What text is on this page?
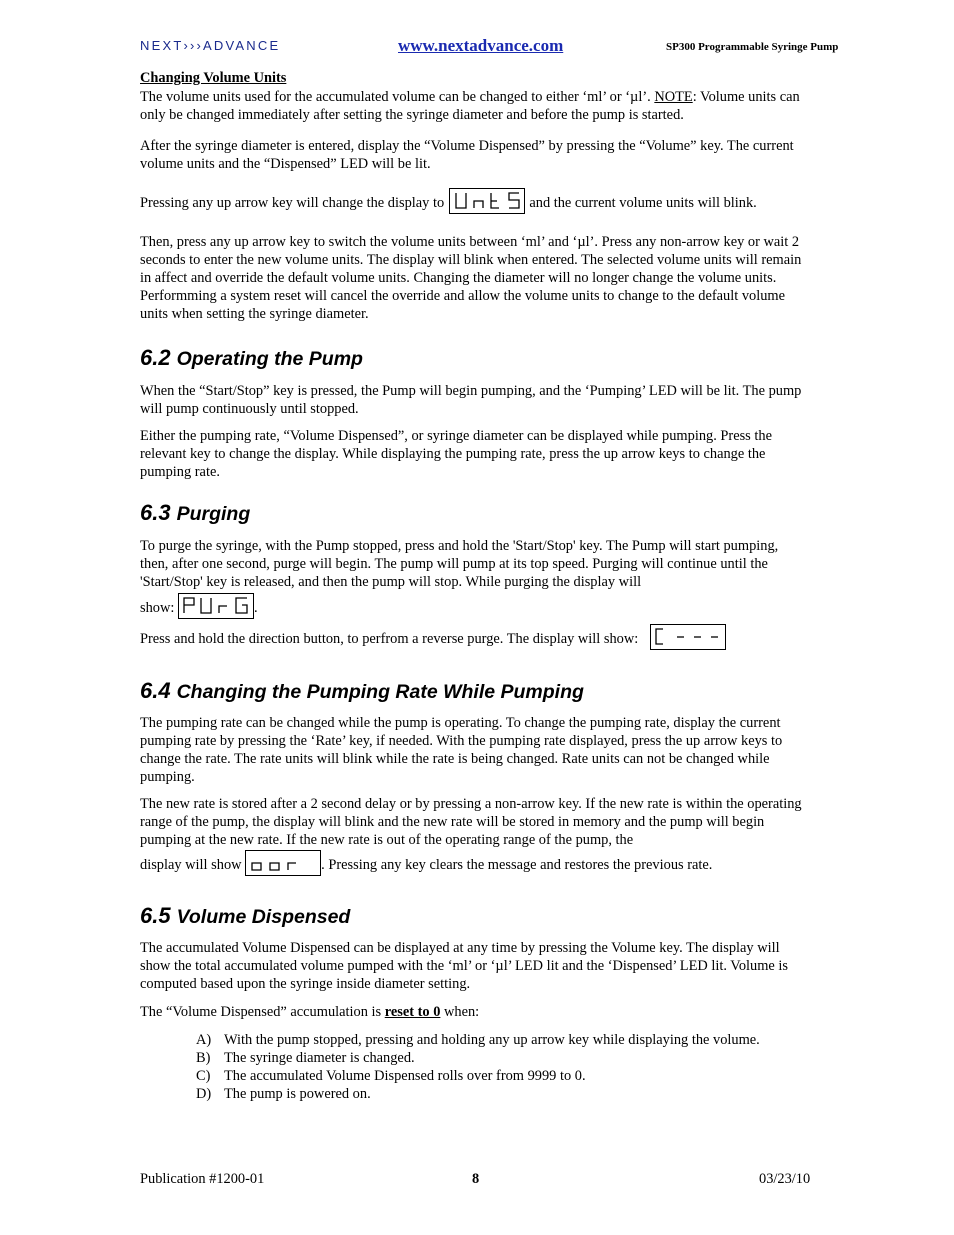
NEXT›››ADVANCE	www.nextadvance.com	SP300 Programmable Syringe Pump
Changing Volume Units

The volume units used for the accumulated volume can be changed to either ‘ml’ or ‘µl’. NOTE: Volume units can only be changed immediately after setting the syringe diameter and before the pump is started.

After the syringe diameter is entered, display the “Volume Dispensed” by pressing the “Volume” key. The current volume units and the “Dispensed” LED will be lit.

Pressing any up arrow key will change the display to	and the current volume units will blink.

Then, press any up arrow key to switch the volume units between ‘ml’ and ‘µl’. Press any non-arrow key or wait 2 seconds to enter the new volume units. The display will blink when entered. The selected volume units will remain in affect and override the default volume units. Changing the diameter will no longer change the volume units. Performming a system reset will cancel the override and allow the volume units to change to the default volume units when setting the syringe diameter.

6.2 Operating the Pump

When the “Start/Stop” key is pressed, the Pump will begin pumping, and the ‘Pumping’ LED will be lit. The pump will pump continuously until stopped.

Either the pumping rate, “Volume Dispensed”, or syringe diameter can be displayed while pumping. Press the relevant key to change the display. While displaying the pumping rate, press the up arrow keys to change the pumping rate.

6.3 Purging

To purge the syringe, with the Pump stopped, press and hold the 'Start/Stop' key. The Pump will start pumping, then, after one second, purge will begin. The pump will pump at its top speed. Purging will continue until the 'Start/Stop' key is released, and then the pump will stop. While purging the display will

show:	.
Press and hold the direction button, to perfrom a reverse purge. The display will show:
6.4 Changing the Pumping Rate While Pumping

The pumping rate can be changed while the pump is operating. To change the pumping rate, display the current pumping rate by pressing the ‘Rate’ key, if needed. With the pumping rate displayed, press the up arrow keys to change the rate. The rate units will blink while the rate is being changed. Rate units can not be changed while pumping.

The new rate is stored after a 2 second delay or by pressing a non-arrow key. If the new rate is within the operating range of the pump, the display will blink and the new rate will be stored in memory and the pump will begin pumping at the new rate. If the new rate is out of the operating range of the pump, the

display will show	. Pressing any key clears the message and restores the previous rate.
6.5 Volume Dispensed

The accumulated Volume Dispensed can be displayed at any time by pressing the Volume key. The display will show the total accumulated volume pumped with the ‘ml’ or ‘µl’ LED lit and the ‘Dispensed’ LED lit. Volume is computed based upon the syringe inside diameter setting.

The “Volume Dispensed” accumulation is reset to 0 when:

A) With the pump stopped, pressing and holding any up arrow key while displaying the volume.
B) The syringe diameter is changed.
C) The accumulated Volume Dispensed rolls over from 9999 to 0.
D) The pump is powered on.
Publication #1200-01	8	03/23/10
